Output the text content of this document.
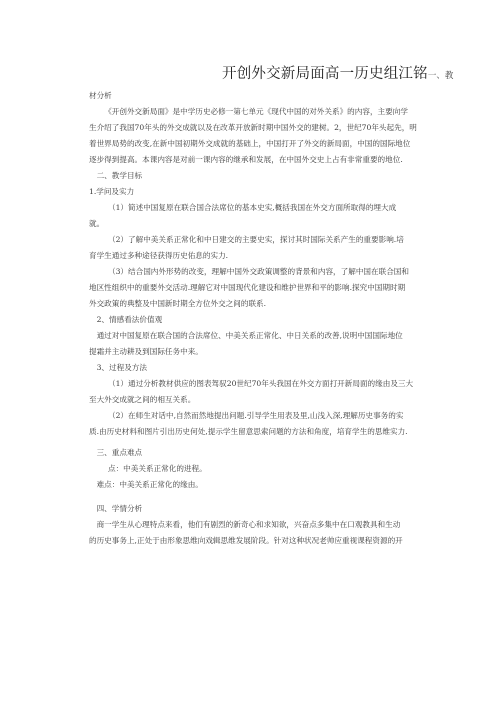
开创外交新局面高一历史组江铭一、教

材分析

《开创外交新局面》是中学历史必修一第七单元《现代中国的对外关系》的内容，主要向学

生介绍了我国70年头的外交成就以及在改革开放新时期中国外交的建树。2，世纪70年头起先，明

着世界局势的改变,在新中国初期外交成就的基础上，中国打开了外交的新局面，中国的国际地位

逐步得到提高。本课内容是对前一课内容的继承和发展，在中国外交史上占有非常重要的地位.

二、教学目标

1.学问及实力

（1）简述中国复原在联合国合法席位的基本史实,概括我国在外交方面所取得的埋大成

就。

（2）了解中美关系正常化和中日建交的主要史实，探讨其时国际关系产生的重要影响.培

育学生通过多种途径获得历史佑息的实力.

（3）结合国内外形势的改变，理解中国外交政策调整的背景和内容，了解中国在联合国和

地区性组织中的重要外交活动.理解它对中国现代化建设和维护世界和平的影响.探究中国期时期

外交政策的典整及中国新时期全方位外交之间的联系.

2、情感看法价值观

通过对中国复原在联合国的合法席位、中美关系正常化、中日关系的改善,说明中国国际地位

提霜并主动耕及到国际任务中来。

3、过程及方法

（1）通过分析教材供应的图表驾驭20世纪70年头我国在外交方面打开新局面的缘由及三大

至大外交成就之间的相互关系。

（2）在师生对话中,自然而然地提出问题.引导学生用表及里,山浅入深,理解历史事务的实

质.由历史材料和图片引出历史何处,提示学生留意思索问题的方法和角度，培育学生的思维实力.

三、重点难点

点：中美关系正常化的进程。

难点：中美关系正常化的缘由。

四、学情分析

商一学生从心理特点来看，他们有剧烈的新奇心和求知欲，兴奋点多集中在口观教具和生动

的历史事务上,正处于由形象思维向戏辑思维发展阶段。针对这种状况老帅应重视课程资源的开
